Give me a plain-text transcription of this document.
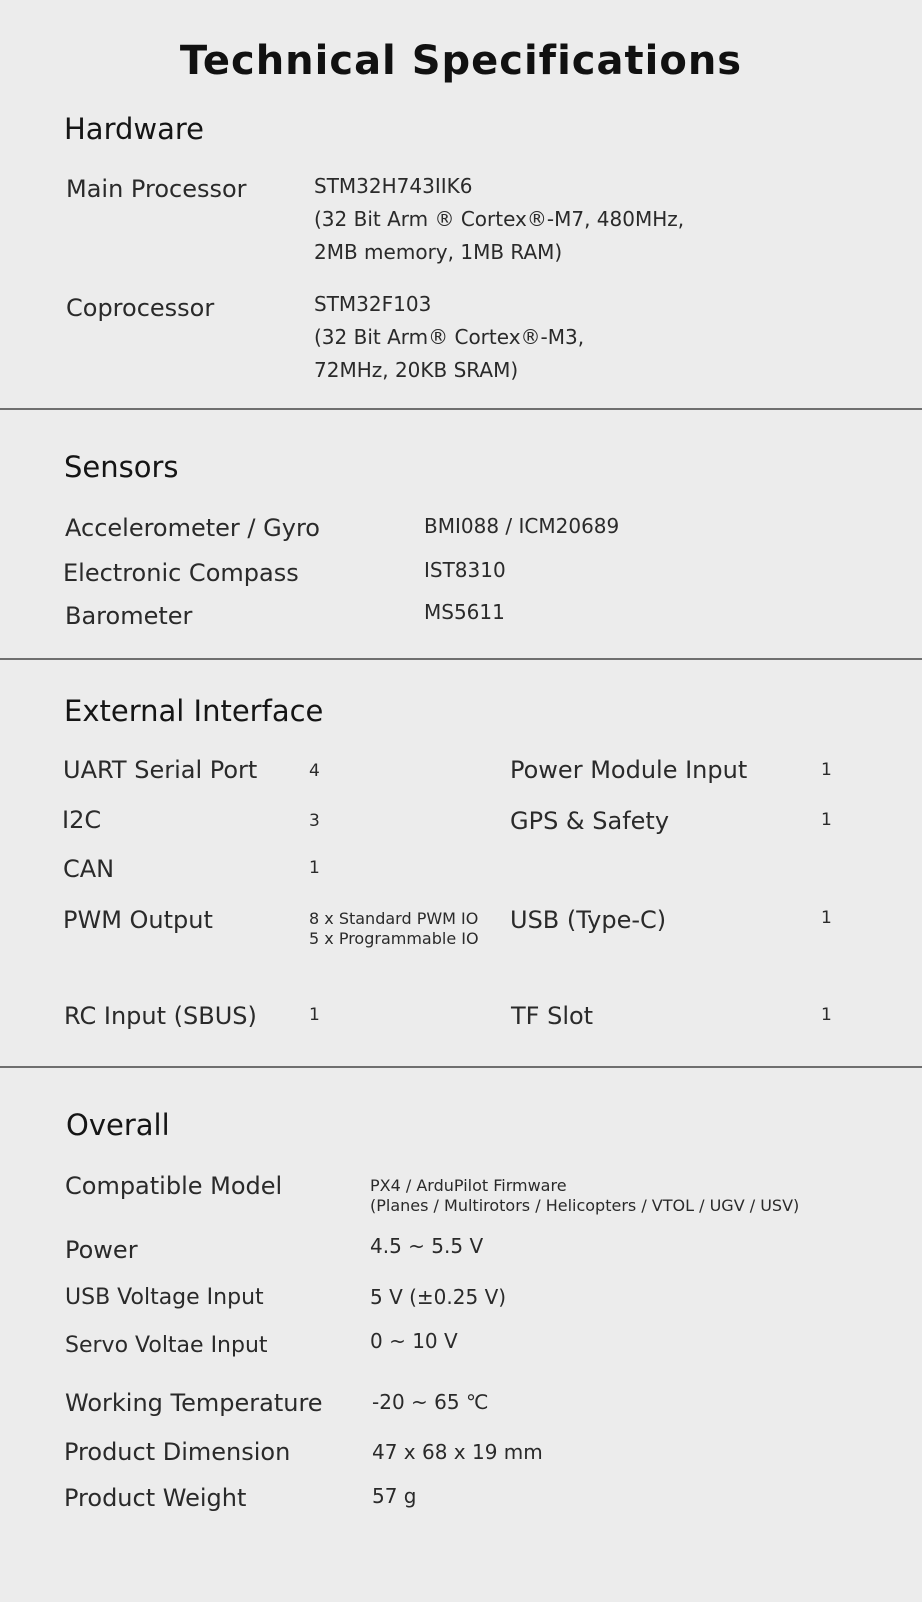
Technical Specifications
Hardware
Main Processor	STM32H743IIK6
(32 Bit Arm ® Cortex®-M7, 480MHz,
2MB memory, 1MB RAM)
Coprocessor	STM32F103
(32 Bit Arm® Cortex®-M3,
72MHz, 20KB SRAM)
Sensors
Accelerometer / Gyro	BMI088 / ICM20689
Electronic Compass	IST8310
Barometer	MS5611
External Interface
UART Serial Port	4
I2C	3
CAN	1
PWM Output	8 x Standard PWM IO
5 x Programmable IO
RC Input (SBUS)	1
Power Module Input	1
GPS & Safety	1
USB (Type-C)	1
TF Slot	1
Overall
Compatible Model	PX4 / ArduPilot Firmware
(Planes / Multirotors / Helicopters / VTOL / UGV / USV)
Power	4.5 ~ 5.5 V
USB Voltage Input	5 V (±0.25 V)
Servo Voltae Input	0 ~ 10 V
Working Temperature -20 ~ 65 ℃
Product Dimension	47 x 68 x 19 mm
Product Weight	57 g
